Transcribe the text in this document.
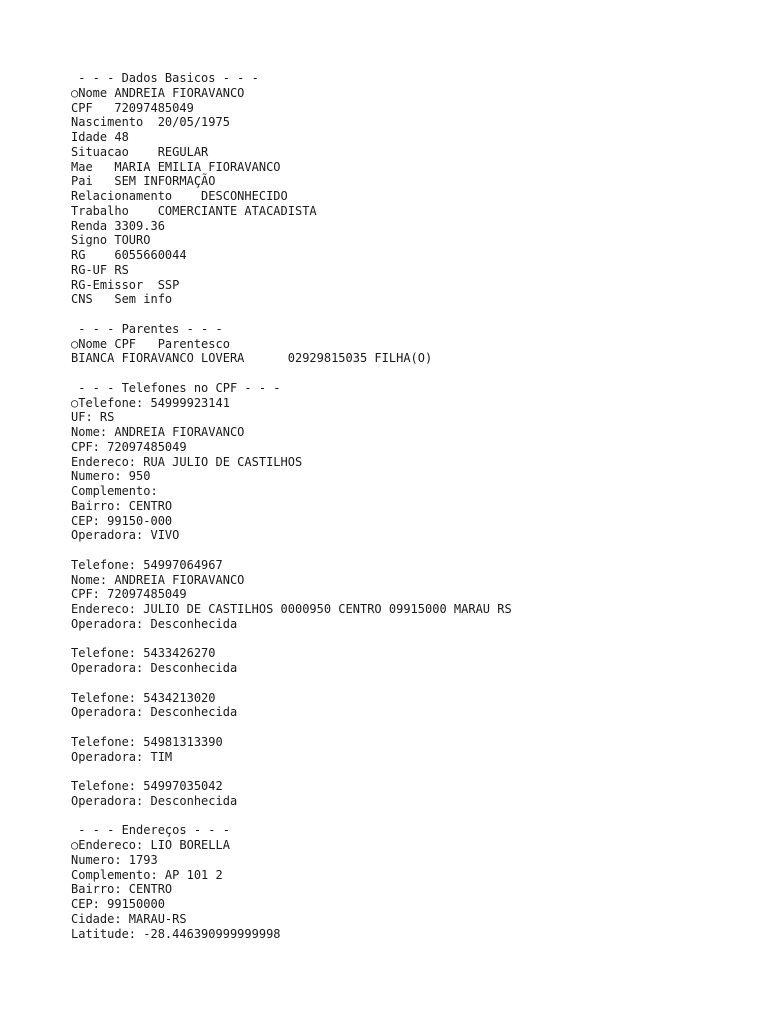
- - - Dados Basicos - - -
○Nome ANDREIA FIORAVANCO
CPF   72097485049
Nascimento  20/05/1975
Idade 48
Situacao    REGULAR
Mae   MARIA EMILIA FIORAVANCO
Pai   SEM INFORMAÇÃO
Relacionamento    DESCONHECIDO
Trabalho    COMERCIANTE ATACADISTA
Renda 3309.36
Signo TOURO
RG    6055660044
RG-UF RS
RG-Emissor  SSP
CNS   Sem info
- - - Parentes - - -
○Nome CPF   Parentesco
BIANCA FIORAVANCO LOVERA      02929815035 FILHA(O)
- - - Telefones no CPF - - -
○Telefone: 54999923141
UF: RS
Nome: ANDREIA FIORAVANCO
CPF: 72097485049
Endereco: RUA JULIO DE CASTILHOS
Numero: 950
Complemento:
Bairro: CENTRO
CEP: 99150-000
Operadora: VIVO
Telefone: 54997064967
Nome: ANDREIA FIORAVANCO
CPF: 72097485049
Endereco: JULIO DE CASTILHOS 0000950 CENTRO 09915000 MARAU RS
Operadora: Desconhecida
Telefone: 5433426270
Operadora: Desconhecida
Telefone: 5434213020
Operadora: Desconhecida
Telefone: 54981313390
Operadora: TIM
Telefone: 54997035042
Operadora: Desconhecida
- - - Endereços - - -
○Endereco: LIO BORELLA
Numero: 1793
Complemento: AP 101 2
Bairro: CENTRO
CEP: 99150000
Cidade: MARAU-RS
Latitude: -28.446390999999998
